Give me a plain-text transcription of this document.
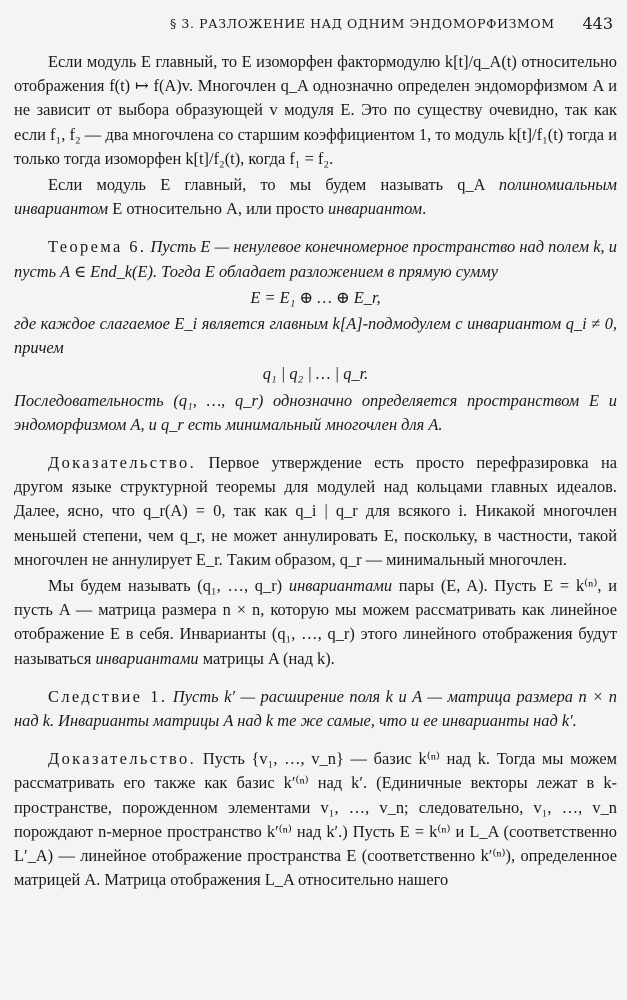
§ 3. РАЗЛОЖЕНИЕ НАД ОДНИМ ЭНДОМОРФИЗМОМ 443

Если модуль E главный, то E изоморфен фактормодулю k[t]/q_A(t) относительно отображения f(t) ↦ f(A)v. Многочлен q_A однозначно определен эндоморфизмом A и не зависит от выбора образующей v модуля E. Это по существу очевидно, так как если f₁, f₂ — два многочлена со старшим коэффициентом 1, то модуль k[t]/f₁(t) тогда и только тогда изоморфен k[t]/f₂(t), когда f₁ = f₂.

Если модуль E главный, то мы будем называть q_A полиномиальным инвариантом E относительно A, или просто инвариантом.

Теорема 6. Пусть E — ненулевое конечномерное пространство над полем k, и пусть A ∈ End_k(E). Тогда E обладает разложением в прямую сумму

E = E₁ ⊕ … ⊕ E_r,

где каждое слагаемое E_i является главным k[A]-подмодулем с инвариантом q_i ≠ 0, причем

q₁ | q₂ | … | q_r.

Последовательность (q₁, …, q_r) однозначно определяется пространством E и эндоморфизмом A, и q_r есть минимальный многочлен для A.

Доказательство. Первое утверждение есть просто перефразировка на другом языке структурной теоремы для модулей над кольцами главных идеалов. Далее, ясно, что q_r(A) = 0, так как q_i | q_r для всякого i. Никакой многочлен меньшей степени, чем q_r, не может аннулировать E, поскольку, в частности, такой многочлен не аннулирует E_r. Таким образом, q_r — минимальный многочлен.

Мы будем называть (q₁, …, q_r) инвариантами пары (E, A). Пусть E = k⁽ⁿ⁾, и пусть A — матрица размера n × n, которую мы можем рассматривать как линейное отображение E в себя. Инварианты (q₁, …, q_r) этого линейного отображения будут называться инвариантами матрицы A (над k).

Следствие 1. Пусть k′ — расширение поля k и A — матрица размера n × n над k. Инварианты матрицы A над k те же самые, что и ее инварианты над k′.

Доказательство. Пусть {v₁, …, v_n} — базис k⁽ⁿ⁾ над k. Тогда мы можем рассматривать его также как базис k′⁽ⁿ⁾ над k′. (Единичные векторы лежат в k-пространстве, порожденном элементами v₁, …, v_n; следовательно, v₁, …, v_n порождают n-мерное пространство k′⁽ⁿ⁾ над k′.) Пусть E = k⁽ⁿ⁾ и L_A (соответственно L′_A) — линейное отображение пространства E (соответственно k′⁽ⁿ⁾), определенное матрицей A. Матрица отображения L_A относительно нашего
